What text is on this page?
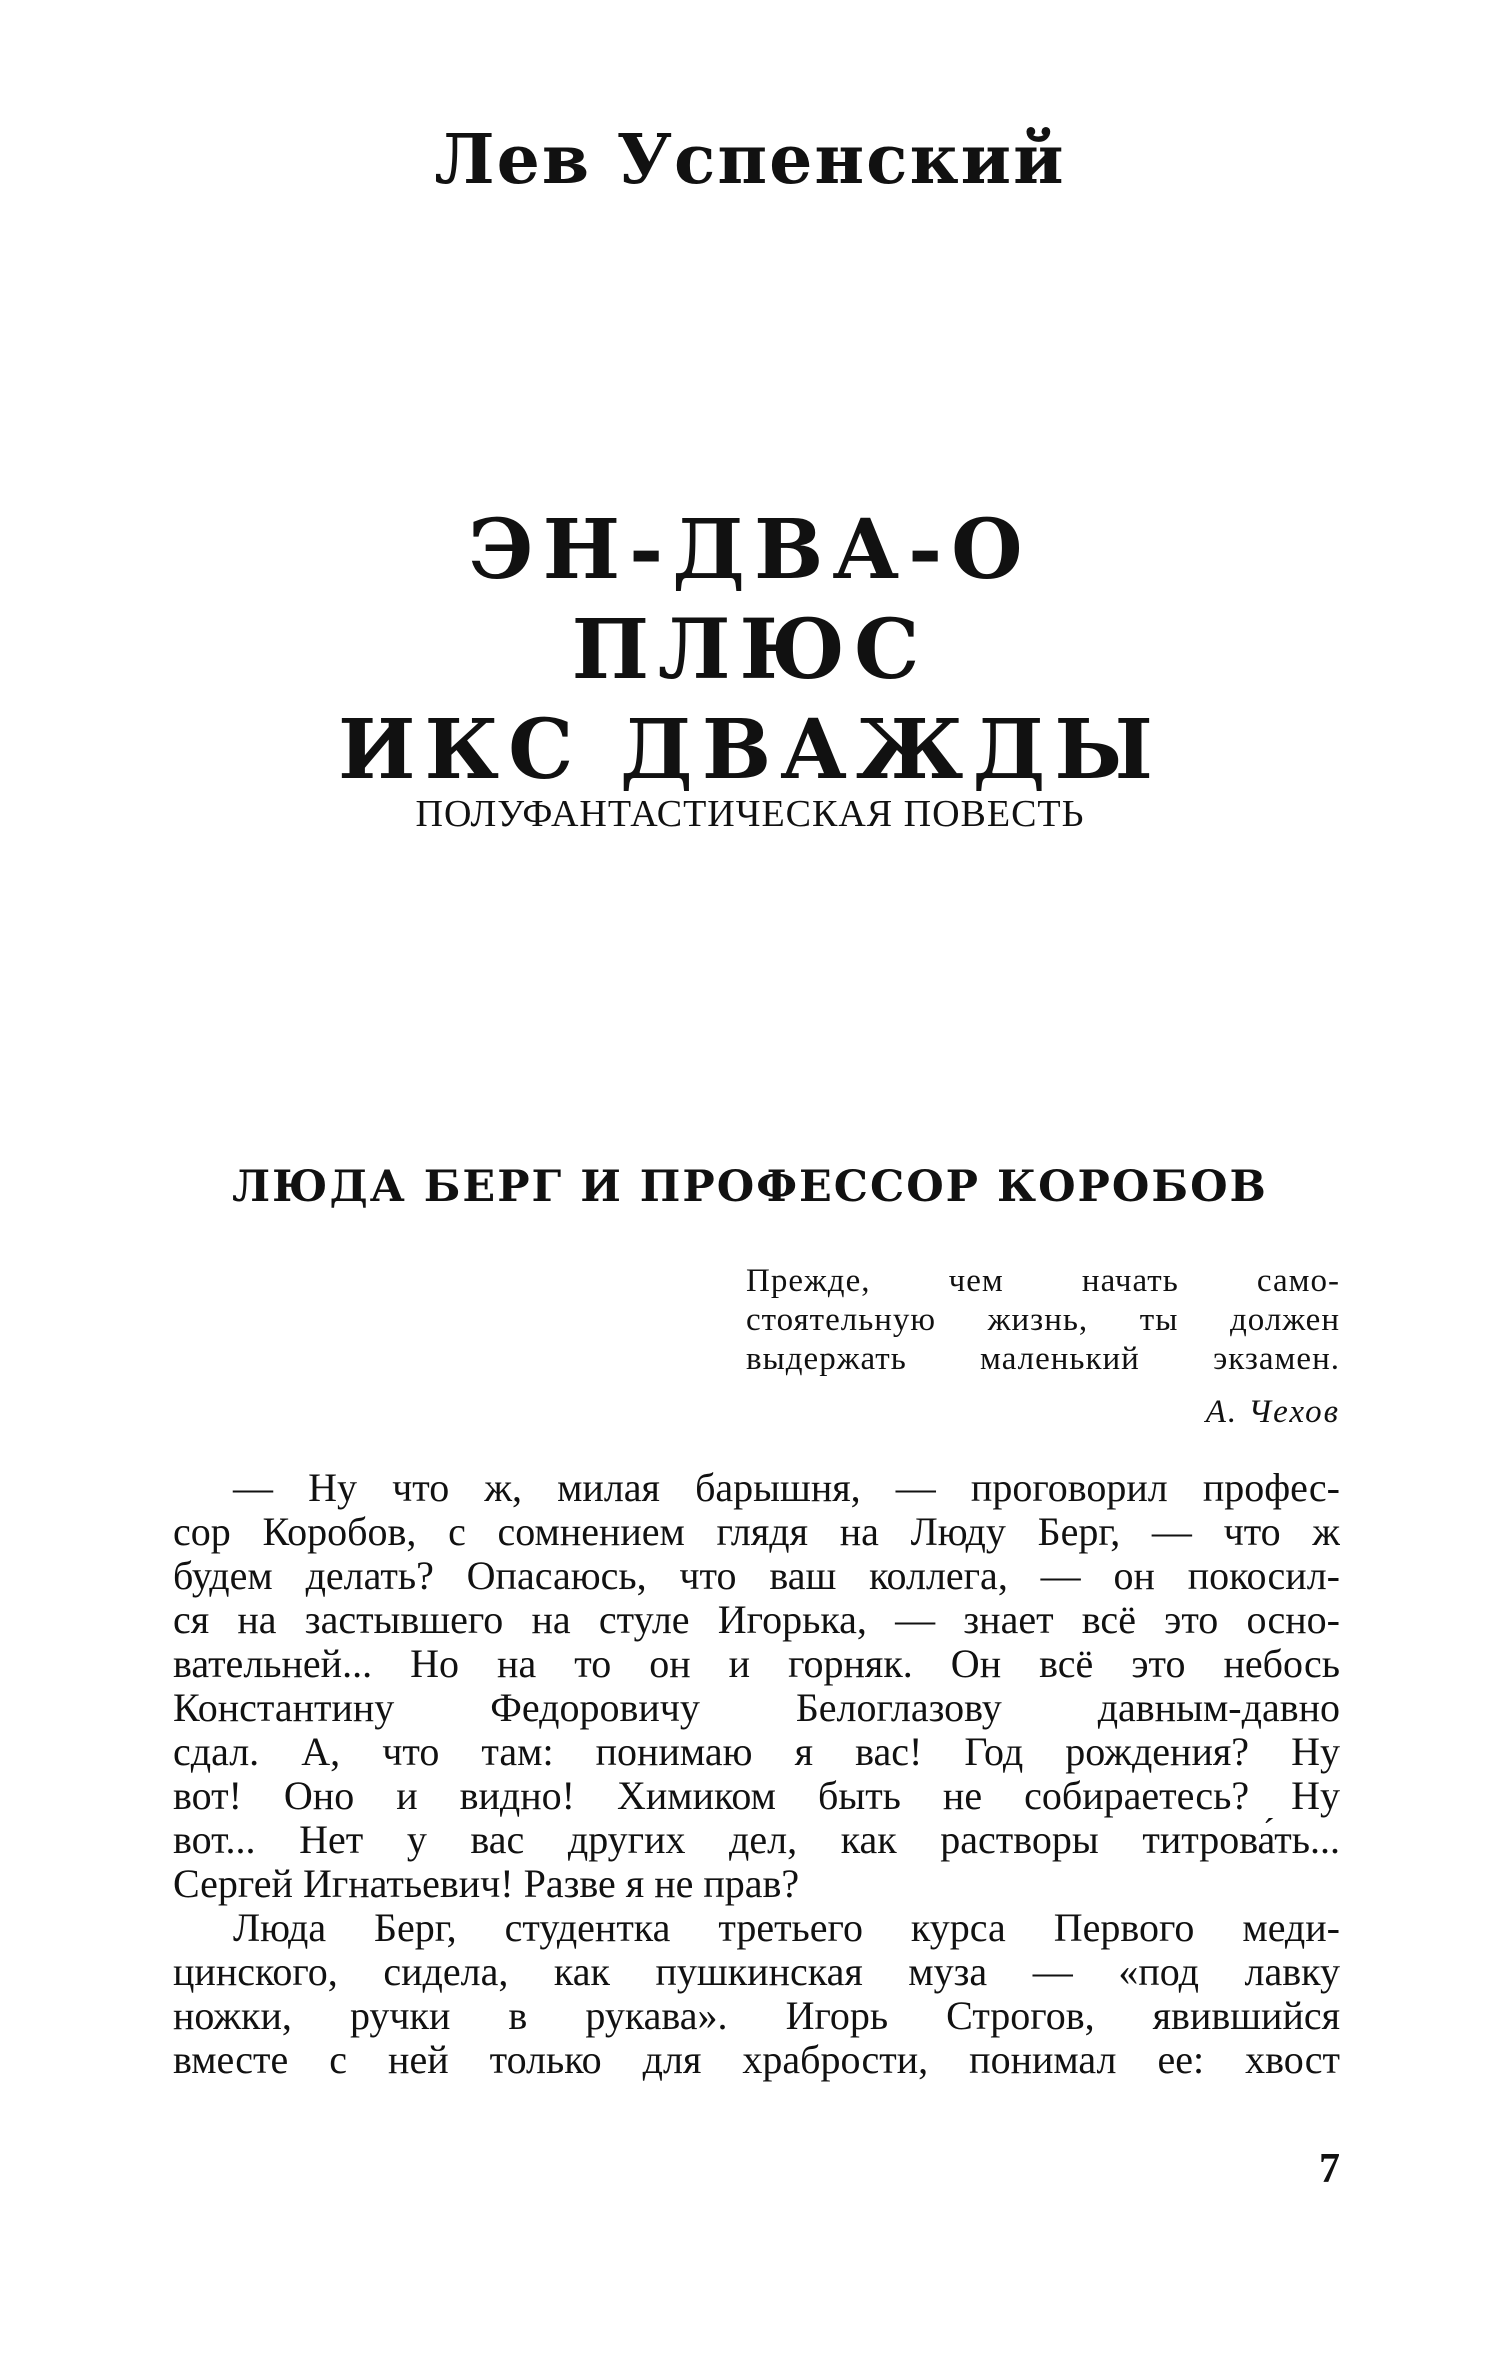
Лев Успенский
ЭН-ДВА-О
ПЛЮС
ИКС ДВАЖДЫ

ПОЛУФАНТАСТИЧЕСКАЯ ПОВЕСТЬ

ЛЮДА БЕРГ И ПРОФЕССОР КОРОБОВ
Прежде, чем начать само-
стоятельную жизнь, ты должен
выдержать маленький экзамен.
А. Чехов
— Ну что ж, милая барышня, — проговорил профес-
сор Коробов, с сомнением глядя на Люду Берг, — что ж
будем делать? Опасаюсь, что ваш коллега, — он покосил-
ся на застывшего на стуле Игорька, — знает всё это осно-
вательней... Но на то он и горняк. Он всё это небось
Константину Федоровичу Белоглазову давным-давно
сдал. А, что там: понимаю я вас! Год рождения? Ну
вот! Оно и видно! Химиком быть не собираетесь? Ну
вот... Нет у вас других дел, как растворы титрова́ть...
Сергей Игнатьевич! Разве я не прав?
Люда Берг, студентка третьего курса Первого меди-
цинского, сидела, как пушкинская муза — «под лавку
ножки, ручки в рукава». Игорь Строгов, явившийся
вместе с ней только для храбрости, понимал ее: хвост

7
